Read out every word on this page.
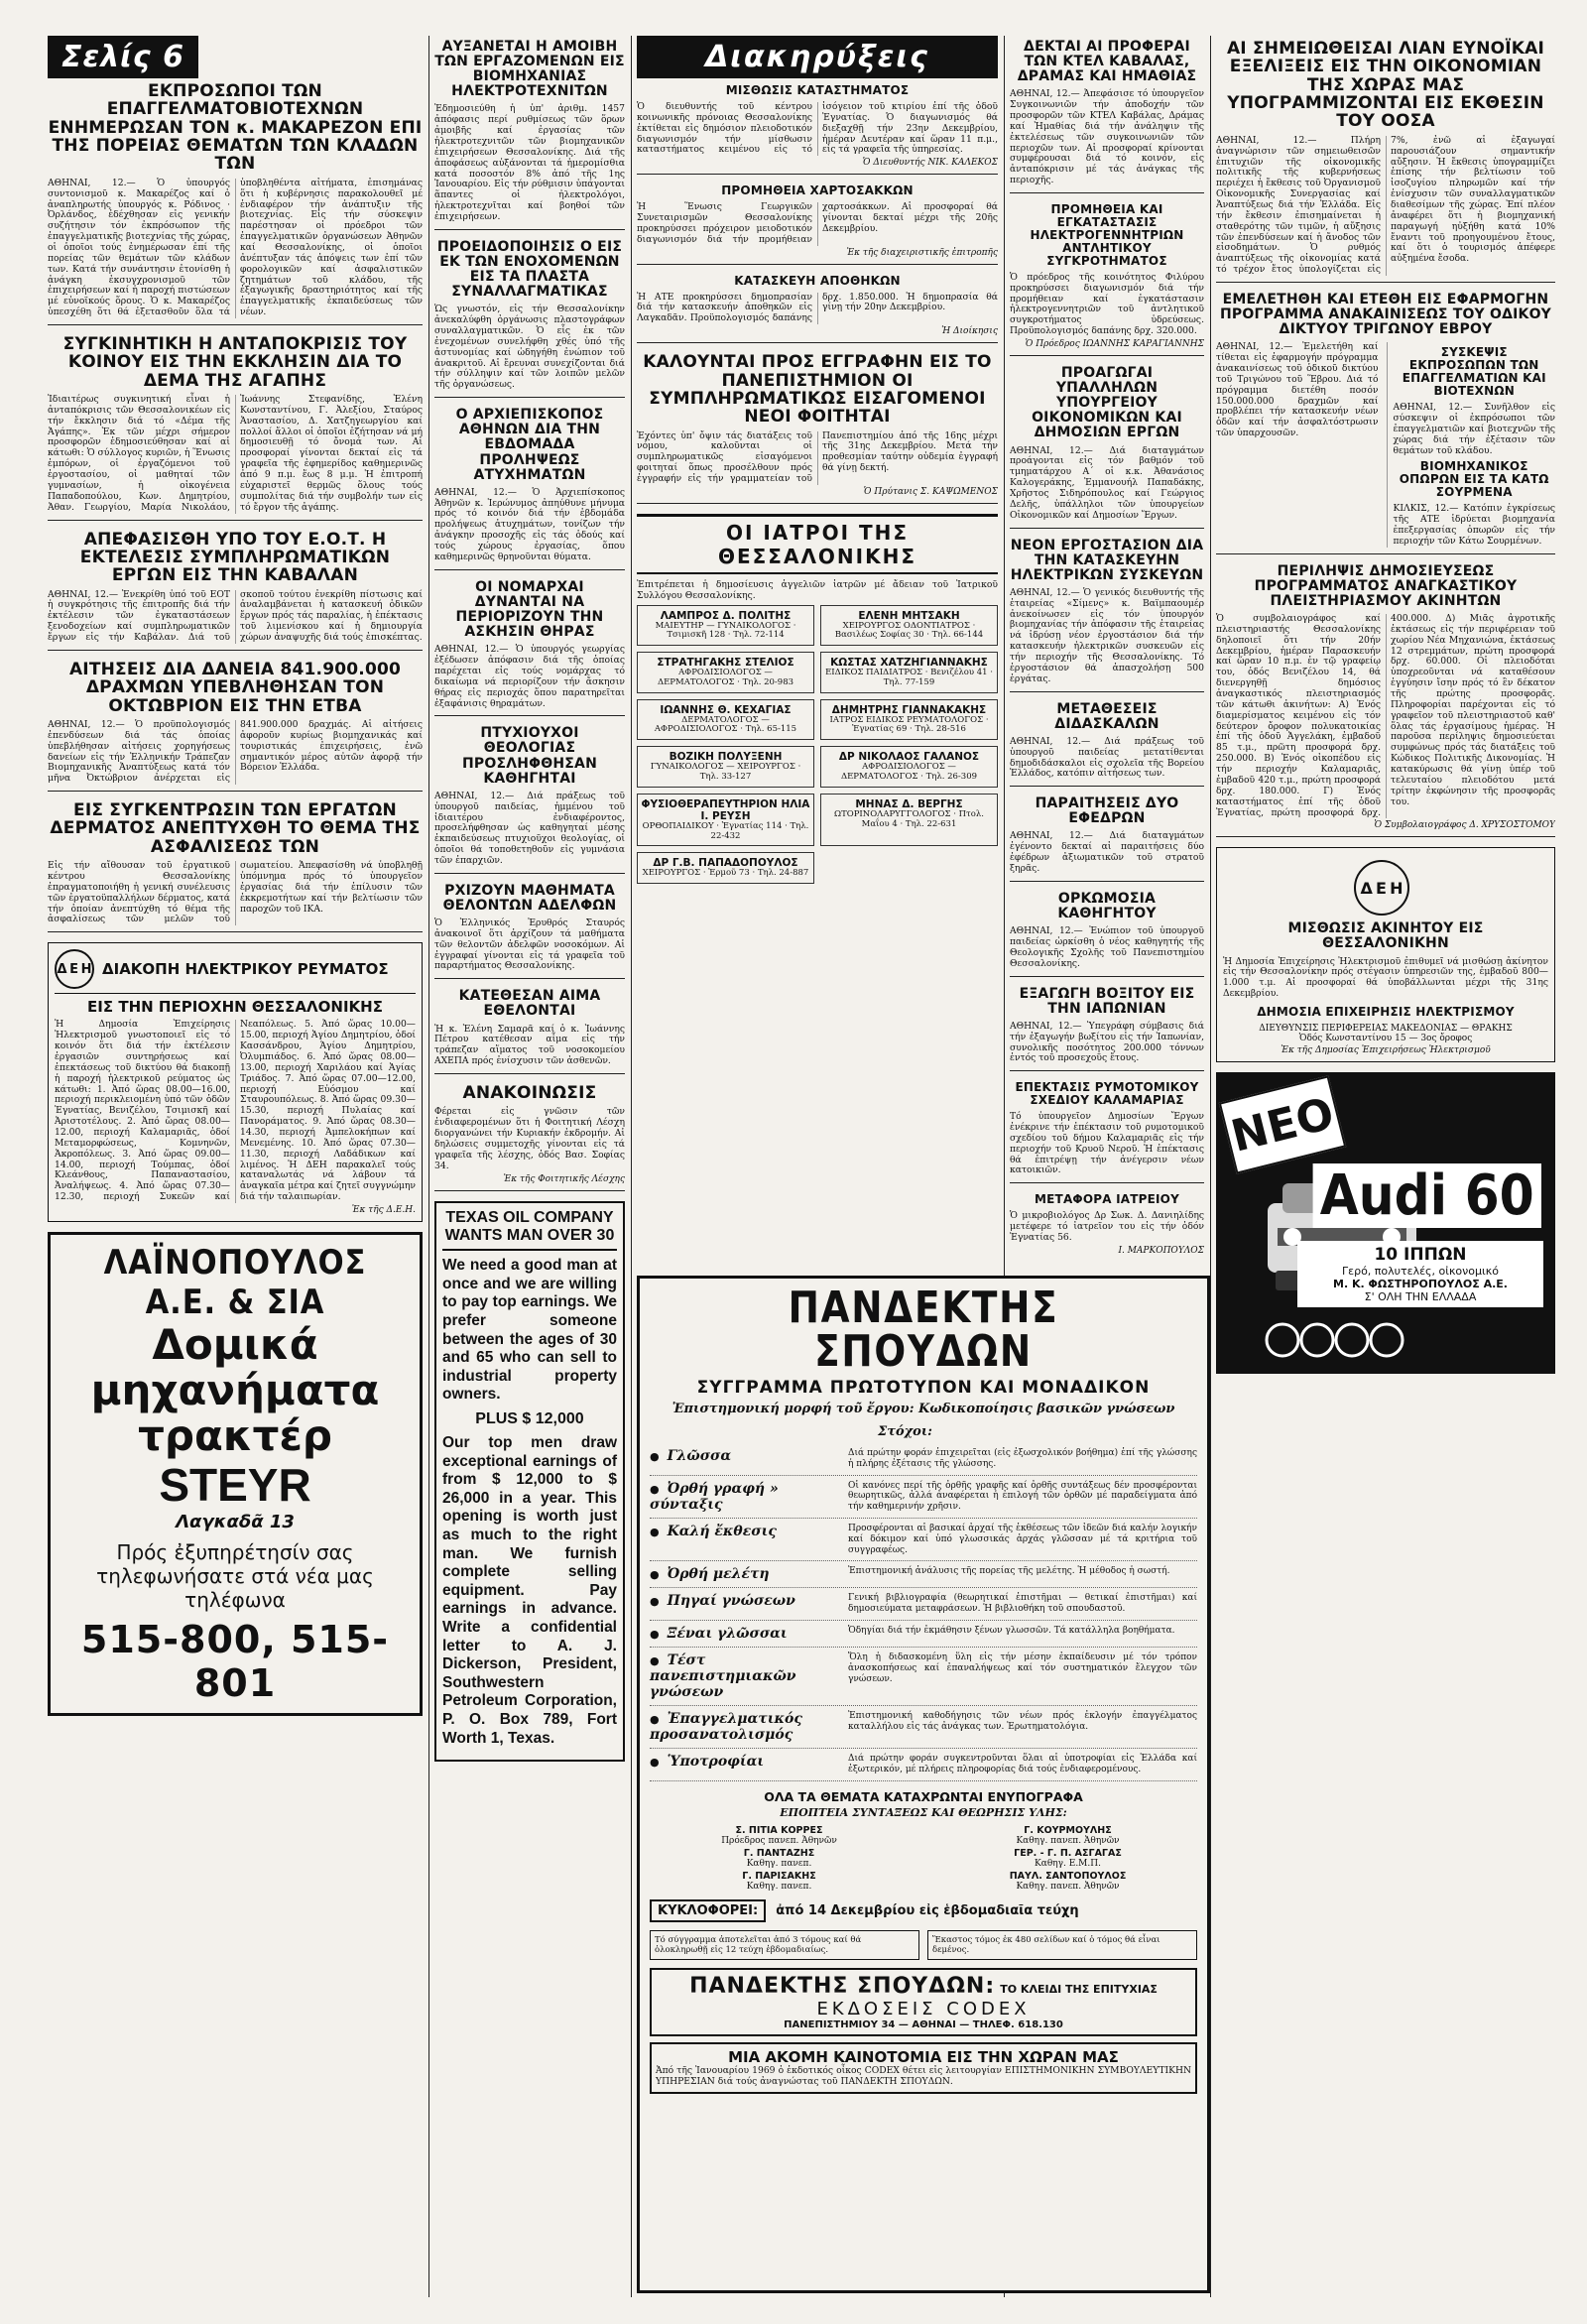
Σελίς 6
ΕΚΠΡΟΣΩΠΟΙ ΤΩΝ ΕΠΑΓΓΕΛΜΑΤΟΒΙΟΤΕΧΝΩΝ ΕΝΗΜΕΡΩΣΑΝ ΤΟΝ κ. ΜΑΚΑΡΕΖΟΝ ΕΠΙ ΤΗΣ ΠΟΡΕΙΑΣ ΘΕΜΑΤΩΝ ΤΩΝ ΚΛΑΔΩΝ ΤΩΝ

ΑΘΗΝΑΙ, 12.— Ὁ ὑπουργός συντονισμοῦ κ. Μακαρέζος καί ὁ ἀναπληρωτής ὑπουργός κ. Ρόδινος · Ὀρλάνδος, ἐδέχθησαν εἰς γενικήν συζήτησιν τόν ἐκπρόσωπον τῆς ἐπαγγελματικῆς βιοτεχνίας τῆς χώρας, οἱ ὁποῖοι τούς ἐνημέρωσαν ἐπί τῆς πορείας τῶν θεμάτων τῶν κλάδων των. Κατά τήν συνάντησιν ἐτονίσθη ἡ ἀνάγκη ἐκσυγχρονισμοῦ τῶν ἐπιχειρήσεων καί ἡ παροχή πιστώσεων μέ εὐνοϊκούς ὅρους. Ὁ κ. Μακαρέζος ὑπεσχέθη ὅτι θά ἐξετασθοῦν ὅλα τά ὑποβληθέντα αἰτήματα, ἐπισημάνας ὅτι ἡ κυβέρνησις παρακολουθεῖ μέ ἐνδιαφέρον τήν ἀνάπτυξιν τῆς βιοτεχνίας. Εἰς τήν σύσκεψιν παρέστησαν οἱ πρόεδροι τῶν ἐπαγγελματικῶν ὀργανώσεων Ἀθηνῶν καί Θεσσαλονίκης, οἱ ὁποῖοι ἀνέπτυξαν τάς ἀπόψεις των ἐπί τῶν φορολογικῶν καί ἀσφαλιστικῶν ζητημάτων τοῦ κλάδου, τῆς ἐξαγωγικῆς δραστηριότητος καί τῆς ἐπαγγελματικῆς ἐκπαιδεύσεως τῶν νέων.

ΣΥΓΚΙΝΗΤΙΚΗ Η ΑΝΤΑΠΟΚΡΙΣΙΣ ΤΟΥ ΚΟΙΝΟΥ ΕΙΣ ΤΗΝ ΕΚΚΛΗΣΙΝ ΔΙΑ ΤΟ ΔΕΜΑ ΤΗΣ ΑΓΑΠΗΣ

Ἰδιαιτέρως συγκινητική εἶναι ἡ ἀνταπόκρισις τῶν Θεσσαλονικέων εἰς τήν ἔκκλησιν διά τό «Δέμα τῆς Ἀγάπης». Ἐκ τῶν μέχρι σήμερον προσφορῶν ἐδημοσιεύθησαν καί αἱ κάτωθι: Ὁ σύλλογος κυριῶν, ἡ Ἕνωσις ἐμπόρων, οἱ ἐργαζόμενοι τοῦ ἐργοστασίου, οἱ μαθηταί τῶν γυμνασίων, ἡ οἰκογένεια Παπαδοπούλου, Κων. Δημητρίου, Ἀθαν. Γεωργίου, Μαρία Νικολάου, Ἰωάννης Στεφανίδης, Ἑλένη Κωνσταντίνου, Γ. Ἀλεξίου, Σταύρος Ἀναστασίου, Δ. Χατζηγεωργίου καί πολλοί ἄλλοι οἱ ὁποῖοι ἐζήτησαν νά μή δημοσιευθῇ τό ὄνομά των. Αἱ προσφοραί γίνονται δεκταί εἰς τά γραφεῖα τῆς ἐφημερίδος καθημερινῶς ἀπό 9 π.μ. ἕως 8 μ.μ. Ἡ ἐπιτροπή εὐχαριστεῖ θερμῶς ὅλους τούς συμπολίτας διά τήν συμβολήν των εἰς τό ἔργον τῆς ἀγάπης.

ΑΠΕΦΑΣΙΣΘΗ ΥΠΟ ΤΟΥ Ε.Ο.Τ. Η ΕΚΤΕΛΕΣΙΣ ΣΥΜΠΛΗΡΩΜΑΤΙΚΩΝ ΕΡΓΩΝ ΕΙΣ ΤΗΝ ΚΑΒΑΛΑΝ

ΑΘΗΝΑΙ, 12.— Ἐνεκρίθη ὑπό τοῦ ΕΟΤ ἡ συγκρότησις τῆς ἐπιτροπῆς διά τήν ἐκτέλεσιν τῶν ἐγκαταστάσεων ξενοδοχείων καί συμπληρωματικῶν ἔργων εἰς τήν Καβάλαν. Διά τοῦ σκοποῦ τούτου ἐνεκρίθη πίστωσις καί ἀναλαμβάνεται ἡ κατασκευή ὁδικῶν ἔργων πρός τάς παραλίας, ἡ ἐπέκτασις τοῦ λιμενίσκου καί ἡ δημιουργία χώρων ἀναψυχῆς διά τούς ἐπισκέπτας.

ΑΙΤΗΣΕΙΣ ΔΙΑ ΔΑΝΕΙΑ 841.900.000 ΔΡΑΧΜΩΝ ΥΠΕΒΛΗΘΗΣΑΝ ΤΟΝ ΟΚΤΩΒΡΙΟΝ ΕΙΣ ΤΗΝ ΕΤΒΑ

ΑΘΗΝΑΙ, 12.— Ὁ προϋπολογισμός ἐπενδύσεων διά τάς ὁποίας ὑπεβλήθησαν αἰτήσεις χορηγήσεως δανείων εἰς τήν Ἑλληνικήν Τράπεζαν Βιομηχανικῆς Ἀναπτύξεως κατά τόν μῆνα Ὀκτώβριον ἀνέρχεται εἰς 841.900.000 δραχμάς. Αἱ αἰτήσεις ἀφοροῦν κυρίως βιομηχανικάς καί τουριστικάς ἐπιχειρήσεις, ἐνῶ σημαντικόν μέρος αὐτῶν ἀφορᾷ τήν Βόρειον Ἑλλάδα.

ΕΙΣ ΣΥΓΚΕΝΤΡΩΣΙΝ ΤΩΝ ΕΡΓΑΤΩΝ ΔΕΡΜΑΤΟΣ ΑΝΕΠΤΥΧΘΗ ΤΟ ΘΕΜΑ ΤΗΣ ΑΣΦΑΛΙΣΕΩΣ ΤΩΝ

Εἰς τήν αἴθουσαν τοῦ ἐργατικοῦ κέντρου Θεσσαλονίκης ἐπραγματοποιήθη ἡ γενική συνέλευσις τῶν ἐργατοϋπαλλήλων δέρματος, κατά τήν ὁποίαν ἀνεπτύχθη τό θέμα τῆς ἀσφαλίσεως τῶν μελῶν τοῦ σωματείου. Ἀπεφασίσθη νά ὑποβληθῇ ὑπόμνημα πρός τό ὑπουργεῖον ἐργασίας διά τήν ἐπίλυσιν τῶν ἐκκρεμοτήτων καί τήν βελτίωσιν τῶν παροχῶν τοῦ ΙΚΑ.

Δ Ε Η ΔΙΑΚΟΠΗ ΗΛΕΚΤΡΙΚΟΥ ΡΕΥΜΑΤΟΣ
ΕΙΣ ΤΗΝ ΠΕΡΙΟΧΗΝ ΘΕΣΣΑΛΟΝΙΚΗΣ

Ἡ Δημοσία Ἐπιχείρησις Ἠλεκτρισμοῦ γνωστοποιεῖ εἰς τό κοινόν ὅτι διά τήν ἐκτέλεσιν ἐργασιῶν συντηρήσεως καί ἐπεκτάσεως τοῦ δικτύου θά διακοπῇ ἡ παροχή ἠλεκτρικοῦ ρεύματος ὡς κάτωθι: 1. Ἀπό ὥρας 08.00—16.00, περιοχή περικλειομένη ὑπό τῶν ὁδῶν Ἐγνατίας, Βενιζέλου, Τσιμισκῆ καί Ἀριστοτέλους. 2. Ἀπό ὥρας 08.00—12.00, περιοχή Καλαμαριᾶς, ὁδοί Μεταμορφώσεως, Κομνηνῶν, Ἀκροπόλεως. 3. Ἀπό ὥρας 09.00—14.00, περιοχή Τούμπας, ὁδοί Κλεάνθους, Παπαναστασίου, Ἀναλήψεως. 4. Ἀπό ὥρας 07.30—12.30, περιοχή Συκεῶν καί Νεαπόλεως. 5. Ἀπό ὥρας 10.00—15.00, περιοχή Ἁγίου Δημητρίου, ὁδοί Κασσάνδρου, Ἁγίου Δημητρίου, Ὀλυμπιάδος. 6. Ἀπό ὥρας 08.00—13.00, περιοχή Χαριλάου καί Ἁγίας Τριάδος. 7. Ἀπό ὥρας 07.00—12.00, περιοχή Εὐόσμου καί Σταυρουπόλεως. 8. Ἀπό ὥρας 09.30—15.30, περιοχή Πυλαίας καί Πανοράματος. 9. Ἀπό ὥρας 08.30—14.30, περιοχή Ἀμπελοκήπων καί Μενεμένης. 10. Ἀπό ὥρας 07.30—11.30, περιοχή Λαδάδικων καί λιμένος. Ἡ ΔΕΗ παρακαλεῖ τούς καταναλωτάς νά λάβουν τά ἀναγκαῖα μέτρα καί ζητεῖ συγγνώμην διά τήν ταλαιπωρίαν.

Ἐκ τῆς Δ.Ε.Η.
ΛΑΪΝΟΠΟΥΛΟΣ Α.Ε. & ΣΙΑ
Δομικά μηχανήματα
τρακτέρ STEYR
Λαγκαδᾶ 13
Πρός ἐξυπηρέτησίν σας τηλεφωνήσατε στά νέα μας τηλέφωνα
515-800, 515-801
ΑΥΞΑΝΕΤΑΙ Η ΑΜΟΙΒΗ ΤΩΝ ΕΡΓΑΖΟΜΕΝΩΝ ΕΙΣ ΒΙΟΜΗΧΑΝΙΑΣ ΗΛΕΚΤΡΟΤΕΧΝΙΤΩΝ

Ἐδημοσιεύθη ἡ ὑπ' ἀριθμ. 1457 ἀπόφασις περί ρυθμίσεως τῶν ὅρων ἀμοιβῆς καί ἐργασίας τῶν ἠλεκτροτεχνιτῶν τῶν βιομηχανικῶν ἐπιχειρήσεων Θεσσαλονίκης. Διά τῆς ἀποφάσεως αὐξάνονται τά ἡμερομίσθια κατά ποσοστόν 8% ἀπό τῆς 1ης Ἰανουαρίου. Εἰς τήν ρύθμισιν ὑπάγονται ἅπαντες οἱ ἠλεκτρολόγοι, ἠλεκτροτεχνῖται καί βοηθοί τῶν ἐπιχειρήσεων.

ΠΡΟΕΙΔΟΠΟΙΗΣΙΣ Ο ΕΙΣ ΕΚ ΤΩΝ ΕΝΟΧΟΜΕΝΩΝ ΕΙΣ ΤΑ ΠΛΑΣΤΑ ΣΥΝΑΛΛΑΓΜΑΤΙΚΑΣ

Ὡς γνωστόν, εἰς τήν Θεσσαλονίκην ἀνεκαλύφθη ὀργάνωσις πλαστογράφων συναλλαγματικῶν. Ὁ εἷς ἐκ τῶν ἐνεχομένων συνελήφθη χθές ὑπό τῆς ἀστυνομίας καί ὡδηγήθη ἐνώπιον τοῦ ἀνακριτοῦ. Αἱ ἔρευναι συνεχίζονται διά τήν σύλληψιν καί τῶν λοιπῶν μελῶν τῆς ὀργανώσεως.

Ο ΑΡΧΙΕΠΙΣΚΟΠΟΣ ΑΘΗΝΩΝ ΔΙΑ ΤΗΝ ΕΒΔΟΜΑΔΑ ΠΡΟΛΗΨΕΩΣ ΑΤΥΧΗΜΑΤΩΝ

ΑΘΗΝΑΙ, 12.— Ὁ Ἀρχιεπίσκοπος Ἀθηνῶν κ. Ἱερώνυμος ἀπηύθυνε μήνυμα πρός τό κοινόν διά τήν ἑβδομάδα προλήψεως ἀτυχημάτων, τονίζων τήν ἀνάγκην προσοχῆς εἰς τάς ὁδούς καί τούς χώρους ἐργασίας, ὅπου καθημερινῶς θρηνοῦνται θύματα.

ΟΙ ΝΟΜΑΡΧΑΙ ΔΥΝΑΝΤΑΙ ΝΑ ΠΕΡΙΟΡΙΖΟΥΝ ΤΗΝ ΑΣΚΗΣΙΝ ΘΗΡΑΣ

ΑΘΗΝΑΙ, 12.— Ὁ ὑπουργός γεωργίας ἐξέδωσεν ἀπόφασιν διά τῆς ὁποίας παρέχεται εἰς τούς νομάρχας τό δικαίωμα νά περιορίζουν τήν ἄσκησιν θήρας εἰς περιοχάς ὅπου παρατηρεῖται ἐξαφάνισις θηραμάτων.

ΠΤΥΧΙΟΥΧΟΙ ΘΕΟΛΟΓΙΑΣ ΠΡΟΣΛΗΦΘΗΣΑΝ ΚΑΘΗΓΗΤΑΙ

ΑΘΗΝΑΙ, 12.— Διά πράξεως τοῦ ὑπουργοῦ παιδείας, ἠμμένου τοῦ ἰδιαιτέρου ἐνδιαφέροντος, προσελήφθησαν ὡς καθηγηταί μέσης ἐκπαιδεύσεως πτυχιοῦχοι θεολογίας, οἱ ὁποῖοι θά τοποθετηθοῦν εἰς γυμνάσια τῶν ἐπαρχιῶν.

ΡΧΙΖΟΥΝ ΜΑΘΗΜΑΤΑ ΘΕΛΟΝΤΩΝ ΑΔΕΛΦΩΝ

Ὁ Ἑλληνικός Ἐρυθρός Σταυρός ἀνακοινοῖ ὅτι ἀρχίζουν τά μαθήματα τῶν θελοντῶν ἀδελφῶν νοσοκόμων. Αἱ ἐγγραφαί γίνονται εἰς τά γραφεῖα τοῦ παραρτήματος Θεσσαλονίκης.

ΚΑΤΕΘΕΣΑΝ ΑΙΜΑ ΕΘΕΛΟΝΤΑΙ

Ἡ κ. Ἑλένη Σαμαρᾶ καί ὁ κ. Ἰωάννης Πέτρου κατέθεσαν αἷμα εἰς τήν τράπεζαν αἵματος τοῦ νοσοκομείου ΑΧΕΠΑ πρός ἐνίσχυσιν τῶν ἀσθενῶν.

ΑΝΑΚΟΙΝΩΣΙΣ

Φέρεται εἰς γνῶσιν τῶν ἐνδιαφερομένων ὅτι ἡ Φοιτητική Λέσχη διοργανώνει τήν Κυριακήν ἐκδρομήν. Αἱ δηλώσεις συμμετοχῆς γίνονται εἰς τά γραφεῖα τῆς λέσχης, ὁδός Βασ. Σοφίας 34.

Ἐκ τῆς Φοιτητικῆς Λέσχης
TEXAS OIL COMPANY WANTS MAN OVER 30
We need a good man at once and we are willing to pay top earnings. We prefer someone between the ages of 30 and 65 who can sell to industrial property owners.
PLUS $ 12,000
Our top men draw exceptional earnings of from $ 12,000 to $ 26,000 in a year. This opening is worth just as much to the right man. We furnish complete selling equipment. Pay earnings in advance. Write a confidential letter to A. J. Dickerson, President, Southwestern Petroleum Corporation, P. O. Box 789, Fort Worth 1, Texas.
Διακηρύξεις
ΜΙΣΘΩΣΙΣ ΚΑΤΑΣΤΗΜΑΤΟΣ

Ὁ διευθυντής τοῦ κέντρου κοινωνικῆς πρόνοιας Θεσσαλονίκης ἐκτίθεται εἰς δημόσιον πλειοδοτικόν διαγωνισμόν τήν μίσθωσιν καταστήματος κειμένου εἰς τό ἰσόγειον τοῦ κτιρίου ἐπί τῆς ὁδοῦ Ἐγνατίας. Ὁ διαγωνισμός θά διεξαχθῇ τήν 23ην Δεκεμβρίου, ἡμέραν Δευτέραν καί ὥραν 11 π.μ., εἰς τά γραφεῖα τῆς ὑπηρεσίας.

Ὁ Διευθυντής ΝΙΚ. ΚΑΛΕΚΟΣ
ΠΡΟΜΗΘΕΙΑ ΧΑΡΤΟΣΑΚΚΩΝ

Ἡ Ἕνωσις Γεωργικῶν Συνεταιρισμῶν Θεσσαλονίκης προκηρύσσει πρόχειρον μειοδοτικόν διαγωνισμόν διά τήν προμήθειαν χαρτοσάκκων. Αἱ προσφοραί θά γίνονται δεκταί μέχρι τῆς 20ῆς Δεκεμβρίου.

Ἐκ τῆς διαχειριστικῆς ἐπιτροπῆς
ΚΑΤΑΣΚΕΥΗ ΑΠΟΘΗΚΩΝ

Ἡ ΑΤΕ προκηρύσσει δημοπρασίαν διά τήν κατασκευήν ἀποθηκῶν εἰς Λαγκαδᾶν. Προϋπολογισμός δαπάνης δρχ. 1.850.000. Ἡ δημοπρασία θά γίνῃ τήν 20ην Δεκεμβρίου.

Ἡ Διοίκησις
ΚΑΛΟΥΝΤΑΙ ΠΡΟΣ ΕΓΓΡΑΦΗΝ ΕΙΣ ΤΟ ΠΑΝΕΠΙΣΤΗΜΙΟΝ ΟΙ ΣΥΜΠΛΗΡΩΜΑΤΙΚΩΣ ΕΙΣΑΓΟΜΕΝΟΙ ΝΕΟΙ ΦΟΙΤΗΤΑΙ

Ἐχόντες ὑπ' ὄψιν τάς διατάξεις τοῦ νόμου, καλοῦνται οἱ συμπληρωματικῶς εἰσαγόμενοι φοιτηταί ὅπως προσέλθουν πρός ἐγγραφήν εἰς τήν γραμματείαν τοῦ Πανεπιστημίου ἀπό τῆς 16ης μέχρι τῆς 31ης Δεκεμβρίου. Μετά τήν προθεσμίαν ταύτην οὐδεμία ἐγγραφή θά γίνῃ δεκτή.

Ὁ Πρύτανις Σ. ΚΑΨΩΜΕΝΟΣ
ΟΙ ΙΑΤΡΟΙ ΤΗΣ ΘΕΣΣΑΛΟΝΙΚΗΣ

Ἐπιτρέπεται ἡ δημοσίευσις ἀγγελιῶν ἰατρῶν μέ ἄδειαν τοῦ Ἰατρικοῦ Συλλόγου Θεσσαλονίκης.

ΛΑΜΠΡΟΣ Δ. ΠΟΛΙΤΗΣ
ΜΑΙΕΥΤΗΡ — ΓΥΝΑΙΚΟΛΟΓΟΣ · Τσιμισκῆ 128 · Τηλ. 72-114
ΕΛΕΝΗ ΜΗΤΣΑΚΗ
ΧΕΙΡΟΥΡΓΟΣ ΟΔΟΝΤΙΑΤΡΟΣ · Βασιλέως Σοφίας 30 · Τηλ. 66-144
ΣΤΡΑΤΗΓΑΚΗΣ ΣΤΕΛΙΟΣ
ΑΦΡΟΔΙΣΙΟΛΟΓΟΣ — ΔΕΡΜΑΤΟΛΟΓΟΣ · Τηλ. 20-983
ΚΩΣΤΑΣ ΧΑΤΖΗΓΙΑΝΝΑΚΗΣ
ΕΙΔΙΚΟΣ ΠΑΙΔΙΑΤΡΟΣ · Βενιζέλου 41 · Τηλ. 77-159
ΙΩΑΝΝΗΣ Θ. ΚΕΧΑΓΙΑΣ
ΔΕΡΜΑΤΟΛΟΓΟΣ — ΑΦΡΟΔΙΣΙΟΛΟΓΟΣ · Τηλ. 65-115
ΔΗΜΗΤΡΗΣ ΓΙΑΝΝΑΚΑΚΗΣ
ΙΑΤΡΟΣ ΕΙΔΙΚΟΣ ΡΕΥΜΑΤΟΛΟΓΟΣ · Ἐγνατίας 69 · Τηλ. 28-516
ΒΟΖΙΚΗ ΠΟΛΥΞΕΝΗ
ΓΥΝΑΙΚΟΛΟΓΟΣ — ΧΕΙΡΟΥΡΓΟΣ · Τηλ. 33-127
ΔΡ ΝΙΚΟΛΑΟΣ ΓΑΛΑΝΟΣ
ΑΦΡΟΔΙΣΙΟΛΟΓΟΣ — ΔΕΡΜΑΤΟΛΟΓΟΣ · Τηλ. 26-309
ΦΥΣΙΟΘΕΡΑΠΕΥΤΗΡΙΟΝ ΗΛΙΑ Ι. ΡΕΥΣΗ
ΟΡΘΟΠΑΙΔΙΚΟΥ · Ἐγνατίας 114 · Τηλ. 22-432
ΜΗΝΑΣ Δ. ΒΕΡΓΗΣ
ΩΤΟΡΙΝΟΛΑΡΥΓΓΟΛΟΓΟΣ · Πτολ. Μαΐου 4 · Τηλ. 22-631
ΔΡ Γ.Β. ΠΑΠΑΔΟΠΟΥΛΟΣ
ΧΕΙΡΟΥΡΓΟΣ · Ἑρμοῦ 73 · Τηλ. 24-887
ΔΕΚΤΑΙ ΑΙ ΠΡΟΦΕΡΑΙ ΤΩΝ ΚΤΕΛ ΚΑΒΑΛΑΣ, ΔΡΑΜΑΣ ΚΑΙ ΗΜΑΘΙΑΣ

ΑΘΗΝΑΙ, 12.— Ἀπεφάσισε τό ὑπουργεῖον Συγκοινωνιῶν τήν ἀποδοχήν τῶν προσφορῶν τῶν ΚΤΕΛ Καβάλας, Δράμας καί Ἠμαθίας διά τήν ἀνάληψιν τῆς ἐκτελέσεως τῶν συγκοινωνιῶν τῶν περιοχῶν των. Αἱ προσφοραί κρίνονται συμφέρουσαι διά τό κοινόν, εἰς ἀνταπόκρισιν μέ τάς ἀνάγκας τῆς περιοχῆς.

ΠΡΟΜΗΘΕΙΑ ΚΑΙ ΕΓΚΑΤΑΣΤΑΣΙΣ ΗΛΕΚΤΡΟΓΕΝΝΗΤΡΙΩΝ ΑΝΤΛΗΤΙΚΟΥ ΣΥΓΚΡΟΤΗΜΑΤΟΣ

Ὁ πρόεδρος τῆς κοινότητος Φιλύρου προκηρύσσει διαγωνισμόν διά τήν προμήθειαν καί ἐγκατάστασιν ἠλεκτρογεννητριῶν τοῦ ἀντλητικοῦ συγκροτήματος ὑδρεύσεως. Προϋπολογισμός δαπάνης δρχ. 320.000.

Ὁ Πρόεδρος ΙΩΑΝΝΗΣ ΚΑΡΑΓΙΑΝΝΗΣ
ΠΡΟΑΓΩΓΑΙ ΥΠΑΛΛΗΛΩΝ ΥΠΟΥΡΓΕΙΟΥ ΟΙΚΟΝΟΜΙΚΩΝ ΚΑΙ ΔΗΜΟΣΙΩΝ ΕΡΓΩΝ

ΑΘΗΝΑΙ, 12.— Διά διαταγμάτων προάγονται εἰς τόν βαθμόν τοῦ τμηματάρχου Α΄ οἱ κ.κ. Ἀθανάσιος Καλογεράκης, Ἐμμανουήλ Παπαδάκης, Χρῆστος Σιδηρόπουλος καί Γεώργιος Δελῆς, ὑπάλληλοι τῶν ὑπουργείων Οἰκονομικῶν καί Δημοσίων Ἔργων.

ΝΕΟΝ ΕΡΓΟΣΤΑΣΙΟΝ ΔΙΑ ΤΗΝ ΚΑΤΑΣΚΕΥΗΝ ΗΛΕΚΤΡΙΚΩΝ ΣΥΣΚΕΥΩΝ

ΑΘΗΝΑΙ, 12.— Ὁ γενικός διευθυντής τῆς ἐταιρείας «Σίμενς» κ. Βαϊμπαουμέρ ἀνεκοίνωσεν εἰς τόν ὑπουργόν βιομηχανίας τήν ἀπόφασιν τῆς ἐταιρείας νά ἱδρύσῃ νέον ἐργοστάσιον διά τήν κατασκευήν ἠλεκτρικῶν συσκευῶν εἰς τήν περιοχήν τῆς Θεσσαλονίκης. Τό ἐργοστάσιον θά ἀπασχολήσῃ 500 ἐργάτας.

ΜΕΤΑΘΕΣΕΙΣ ΔΙΔΑΣΚΑΛΩΝ

ΑΘΗΝΑΙ, 12.— Διά πράξεως τοῦ ὑπουργοῦ παιδείας μετατίθενται δημοδιδάσκαλοι εἰς σχολεῖα τῆς Βορείου Ἑλλάδος, κατόπιν αἰτήσεως των.

ΠΑΡΑΙΤΗΣΕΙΣ ΔΥΟ ΕΦΕΔΡΩΝ

ΑΘΗΝΑΙ, 12.— Διά διαταγμάτων ἐγένοντο δεκταί αἱ παραιτήσεις δύο ἐφέδρων ἀξιωματικῶν τοῦ στρατοῦ ξηρᾶς.

ΟΡΚΩΜΟΣΙΑ ΚΑΘΗΓΗΤΟΥ

ΑΘΗΝΑΙ, 12.— Ἐνώπιον τοῦ ὑπουργοῦ παιδείας ὡρκίσθη ὁ νέος καθηγητής τῆς Θεολογικῆς Σχολῆς τοῦ Πανεπιστημίου Θεσσαλονίκης.

ΕΞΑΓΩΓΗ ΒΟΞΙΤΟΥ ΕΙΣ ΤΗΝ ΙΑΠΩΝΙΑΝ

ΑΘΗΝΑΙ, 12.— Ὑπεγράφη σύμβασις διά τήν ἐξαγωγήν βωξίτου εἰς τήν Ἰαπωνίαν, συνολικῆς ποσότητος 200.000 τόννων ἐντός τοῦ προσεχοῦς ἔτους.

ΕΠΕΚΤΑΣΙΣ ΡΥΜΟΤΟΜΙΚΟΥ ΣΧΕΔΙΟΥ ΚΑΛΑΜΑΡΙΑΣ

Τό ὑπουργεῖον Δημοσίων Ἔργων ἐνέκρινε τήν ἐπέκτασιν τοῦ ρυμοτομικοῦ σχεδίου τοῦ δήμου Καλαμαριᾶς εἰς τήν περιοχήν τοῦ Κρυοῦ Νεροῦ. Ἡ ἐπέκτασις θά ἐπιτρέψῃ τήν ἀνέγερσιν νέων κατοικιῶν.

ΜΕΤΑΦΟΡΑ ΙΑΤΡΕΙΟΥ

Ὁ μικροβιολόγος Δρ Σωκ. Δ. Δανιηλίδης μετέφερε τό ἰατρεῖον του εἰς τήν ὁδόν Ἐγνατίας 56.

Ι. ΜΑΡΚΟΠΟΥΛΟΣ
ΠΑΝΔΕΚΤΗΣ ΣΠΟΥΔΩΝ
ΣΥΓΓΡΑΜΜΑ ΠΡΩΤΟΤΥΠΟΝ ΚΑΙ ΜΟΝΑΔΙΚΟΝ
Ἐπιστημονική μορφή τοῦ ἔργου: Κωδικοποίησις βασικῶν γνώσεων
Στόχοι:
● Γλῶσσα	Διά πρώτην φοράν ἐπιχειρεῖται (εἰς ἐξωσχολικόν βοήθημα) ἐπί τῆς γλώσσης ἡ πλήρης ἐξέτασις τῆς γλώσσης.
● Ὀρθή γραφή » σύνταξις
Οἱ κανόνες περί τῆς ὀρθῆς γραφῆς καί ὀρθῆς συντάξεως δέν προσφέρονται θεωρητικῶς, ἀλλά ἀναφέρεται ἡ ἐπιλογή τῶν ὁρθῶν μέ παραδείγματα ἀπό τήν καθημερινήν χρῆσιν.
● Καλή ἔκθεσις	Προσφέρονται αἱ βασικαί ἀρχαί τῆς ἐκθέσεως τῶν ἰδεῶν διά καλήν λογικήν καί δόκιμον καί ὑπό γλωσσικάς ἀρχάς γλῶσσαν μέ τά κριτήρια τοῦ συγγραφέως.
● Ὀρθή μελέτη	Ἐπιστημονική ἀνάλυσις τῆς πορείας τῆς μελέτης. Ἡ μέθοδος ἡ σωστή.
● Πηγαί γνώσεων	Γενική βιβλιογραφία (θεωρητικαί ἐπιστῆμαι — θετικαί ἐπιστῆμαι) καί δημοσιεύματα μεταφράσεων. Ἡ βιβλιοθήκη τοῦ σπουδαστοῦ.
● Ξέναι γλῶσσαι	Ὁδηγίαι διά τήν ἐκμάθησιν ξένων γλωσσῶν. Τά κατάλληλα βοηθήματα.
● Τέστ πανεπιστημιακῶν γνώσεων
Ὅλη ἡ διδασκομένη ὕλη εἰς τήν μέσην ἐκπαίδευσιν μέ τόν τρόπον ἀνασκοπήσεως καί ἐπαναλήψεως καί τόν συστηματικόν ἔλεγχον τῶν γνώσεων.
● Ἐπαγγελματικός προσανατολισμός
Ἐπιστημονική καθοδήγησις τῶν νέων πρός ἐκλογήν ἐπαγγέλματος καταλλήλου εἰς τάς ἀνάγκας των. Ἐρωτηματολόγια.
● Ὑποτροφίαι	Διά πρώτην φοράν συγκεντροῦνται ὅλαι αἱ ὑποτροφίαι εἰς Ἑλλάδα καί ἐξωτερικόν, μέ πλήρεις πληροφορίας διά τούς ἐνδιαφερομένους.
ΟΛΑ ΤΑ ΘΕΜΑΤΑ ΚΑΤΑΧΡΩΝΤΑΙ ΕΝΥΠΟΓΡΑΦΑ
ΕΠΟΠΤΕΙΑ ΣΥΝΤΑΞΕΩΣ ΚΑΙ ΘΕΩΡΗΣΙΣ ΥΛΗΣ:
Σ. ΠΙΤΙΑ ΚΟΡΡΕΣ
Πρόεδρος πανεπ. Ἀθηνῶν
Γ. ΚΟΥΡΜΟΥΛΗΣ
Καθηγ. πανεπ. Ἀθηνῶν
Γ. ΠΑΝΤΑΖΗΣ
Καθηγ. πανεπ.
ΓΕΡ. - Γ. Π. ΑΣΓΑΓΑΣ
Καθηγ. Ε.Μ.Π.
Γ. ΠΑΡΙΣΑΚΗΣ
Καθηγ. πανεπ.
ΠΑΥΛ. ΣΑΝΤΟΠΟΥΛΟΣ
Καθηγ. πανεπ. Ἀθηνῶν
ΚΥΚΛΟΦΟΡΕΙ:	ἀπό 14 Δεκεμβρίου εἰς ἑβδομαδιαῖα τεύχη
Τό σύγγραμμα ἀποτελεῖται ἀπό 3 τόμους καί θά ὁλοκληρωθῇ εἰς 12 τεύχη ἑβδομαδιαίως.
Ἕκαστος τόμος ἐκ 480 σελίδων καί ὁ τόμος θά εἶναι δεμένος.
ΠΑΝΔΕΚΤΗΣ ΣΠΟΥΔΩΝ: ΤΟ ΚΛΕΙΔΙ ΤΗΣ ΕΠΙΤΥΧΙΑΣ
ΕΚΔΟΣΕΙΣ CODEX
ΠΑΝΕΠΙΣΤΗΜΙΟΥ 34 — ΑΘΗΝΑΙ — ΤΗΛΕΦ. 618.130
ΜΙΑ ΑΚΟΜΗ ΚΑΙΝΟΤΟΜΙΑ ΕΙΣ ΤΗΝ ΧΩΡΑΝ ΜΑΣ

Ἀπό τῆς Ἰανουαρίου 1969 ὁ ἐκδοτικός οἶκος CODEX θέτει εἰς λειτουργίαν ΕΠΙΣΤΗΜΟΝΙΚΗΝ ΣΥΜΒΟΥΛΕΥΤΙΚΗΝ ΥΠΗΡΕΣΙΑΝ διά τούς ἀναγνώστας τοῦ ΠΑΝΔΕΚΤΗ ΣΠΟΥΔΩΝ.

ΑΙ ΣΗΜΕΙΩΘΕΙΣΑΙ ΛΙΑΝ ΕΥΝΟΪΚΑΙ ΕΞΕΛΙΞΕΙΣ ΕΙΣ ΤΗΝ ΟΙΚΟΝΟΜΙΑΝ ΤΗΣ ΧΩΡΑΣ ΜΑΣ ΥΠΟΓΡΑΜΜΙΖΟΝΤΑΙ ΕΙΣ ΕΚΘΕΣΙΝ ΤΟΥ ΟΟΣΑ

ΑΘΗΝΑΙ, 12.— Πλήρη ἀναγνώρισιν τῶν σημειωθεισῶν ἐπιτυχιῶν τῆς οἰκονομικῆς πολιτικῆς τῆς κυβερνήσεως περιέχει ἡ ἔκθεσις τοῦ Ὀργανισμοῦ Οἰκονομικῆς Συνεργασίας καί Ἀναπτύξεως διά τήν Ἑλλάδα. Εἰς τήν ἔκθεσιν ἐπισημαίνεται ἡ σταθερότης τῶν τιμῶν, ἡ αὔξησις τῶν ἐπενδύσεων καί ἡ ἄνοδος τῶν εἰσοδημάτων. Ὁ ρυθμός ἀναπτύξεως τῆς οἰκονομίας κατά τό τρέχον ἔτος ὑπολογίζεται εἰς 7%, ἐνῶ αἱ ἐξαγωγαί παρουσιάζουν σημαντικήν αὔξησιν. Ἡ ἔκθεσις ὑπογραμμίζει ἐπίσης τήν βελτίωσιν τοῦ ἰσοζυγίου πληρωμῶν καί τήν ἐνίσχυσιν τῶν συναλλαγματικῶν διαθεσίμων τῆς χώρας. Ἐπί πλέον ἀναφέρει ὅτι ἡ βιομηχανική παραγωγή ηὐξήθη κατά 10% ἔναντι τοῦ προηγουμένου ἔτους, καί ὅτι ὁ τουρισμός ἀπέφερε αὐξημένα ἔσοδα.

ΕΜΕΛΕΤΗΘΗ ΚΑΙ ΕΤΕΘΗ ΕΙΣ ΕΦΑΡΜΟΓΗΝ ΠΡΟΓΡΑΜΜΑ ΑΝΑΚΑΙΝΙΣΕΩΣ ΤΟΥ ΟΔΙΚΟΥ ΔΙΚΤΥΟΥ ΤΡΙΓΩΝΟΥ ΕΒΡΟΥ

ΑΘΗΝΑΙ, 12.— Ἐμελετήθη καί τίθεται εἰς ἐφαρμογήν πρόγραμμα ἀνακαινίσεως τοῦ ὁδικοῦ δικτύου τοῦ Τριγώνου τοῦ Ἕβρου. Διά τό πρόγραμμα διετέθη ποσόν 150.000.000 δραχμῶν καί προβλέπει τήν κατασκευήν νέων ὁδῶν καί τήν ἀσφαλτόστρωσιν τῶν ὑπαρχουσῶν.

ΣΥΣΚΕΨΙΣ ΕΚΠΡΟΣΩΠΩΝ ΤΩΝ ΕΠΑΓΓΕΛΜΑΤΙΩΝ ΚΑΙ ΒΙΟΤΕΧΝΩΝ

ΑΘΗΝΑΙ, 12.— Συνῆλθον εἰς σύσκεψιν οἱ ἐκπρόσωποι τῶν ἐπαγγελματιῶν καί βιοτεχνῶν τῆς χώρας διά τήν ἐξέτασιν τῶν θεμάτων τοῦ κλάδου.

ΒΙΟΜΗΧΑΝΙΚΟΣ ΟΠΩΡΩΝ ΕΙΣ ΤΑ ΚΑΤΩ ΣΟΥΡΜΕΝΑ

ΚΙΛΚΙΣ, 12.— Κατόπιν ἐγκρίσεως τῆς ΑΤΕ ἱδρύεται βιομηχανία ἐπεξεργασίας ὀπωρῶν εἰς τήν περιοχήν τῶν Κάτω Σουρμένων.

ΠΕΡΙΛΗΨΙΣ ΔΗΜΟΣΙΕΥΣΕΩΣ ΠΡΟΓΡΑΜΜΑΤΟΣ ΑΝΑΓΚΑΣΤΙΚΟΥ ΠΛΕΙΣΤΗΡΙΑΣΜΟΥ ΑΚΙΝΗΤΩΝ

Ὁ συμβολαιογράφος καί πλειστηριαστής Θεσσαλονίκης δηλοποιεῖ ὅτι τήν 20ήν Δεκεμβρίου, ἡμέραν Παρασκευήν καί ὥραν 10 π.μ. ἐν τῷ γραφείῳ του, ὁδός Βενιζέλου 14, θά διενεργηθῇ δημόσιος ἀναγκαστικός πλειστηριασμός τῶν κάτωθι ἀκινήτων: Α) Ἑνός διαμερίσματος κειμένου εἰς τόν δεύτερον ὄροφον πολυκατοικίας ἐπί τῆς ὁδοῦ Ἀγγελάκη, ἐμβαδοῦ 85 τ.μ., πρῶτη προσφορά δρχ. 250.000. Β) Ἑνός οἰκοπέδου εἰς τήν περιοχήν Καλαμαριᾶς, ἐμβαδοῦ 420 τ.μ., πρώτη προσφορά δρχ. 180.000. Γ) Ἑνός καταστήματος ἐπί τῆς ὁδοῦ Ἐγνατίας, πρώτη προσφορά δρχ. 400.000. Δ) Μιᾶς ἀγροτικῆς ἐκτάσεως εἰς τήν περιφέρειαν τοῦ χωρίου Νέα Μηχανιώνα, ἐκτάσεως 12 στρεμμάτων, πρώτη προσφορά δρχ. 60.000. Οἱ πλειοδόται ὑποχρεοῦνται νά καταθέσουν ἐγγύησιν ἴσην πρός τό ἓν δέκατον τῆς πρώτης προσφορᾶς. Πληροφορίαι παρέχονται εἰς τό γραφεῖον τοῦ πλειστηριαστοῦ καθ' ὅλας τάς ἐργασίμους ἡμέρας. Ἡ παροῦσα περίληψις δημοσιεύεται συμφώνως πρός τάς διατάξεις τοῦ Κώδικος Πολιτικῆς Δικονομίας. Ἡ κατακύρωσις θά γίνῃ ὑπέρ τοῦ τελευταίου πλειοδότου μετά τρίτην ἐκφώνησιν τῆς προσφορᾶς του.

Ὁ Συμβολαιογράφος Δ. ΧΡΥΣΟΣΤΟΜΟΥ
Δ Ε Η
ΜΙΣΘΩΣΙΣ ΑΚΙΝΗΤΟΥ ΕΙΣ ΘΕΣΣΑΛΟΝΙΚΗΝ

Ἡ Δημοσία Ἐπιχείρησις Ἠλεκτρισμοῦ ἐπιθυμεῖ νά μισθώσῃ ἀκίνητον εἰς τήν Θεσσαλονίκην πρός στέγασιν ὑπηρεσιῶν της, ἐμβαδοῦ 800—1.000 τ.μ. Αἱ προσφοραί θά ὑποβάλλωνται μέχρι τῆς 31ης Δεκεμβρίου.

ΔΗΜΟΣΙΑ ΕΠΙΧΕΙΡΗΣΙΣ ΗΛΕΚΤΡΙΣΜΟΥ
ΔΙΕΥΘΥΝΣΙΣ ΠΕΡΙΦΕΡΕΙΑΣ ΜΑΚΕΔΟΝΙΑΣ — ΘΡΑΚΗΣ
Ὁδός Κωνσταντίνου 15 — 3ος ὄροφος
Ἐκ τῆς Δημοσίας Ἐπιχειρήσεως Ἠλεκτρισμοῦ
ΝΕΟ
Audi 60
10 ΙΠΠΩΝ
Γερό, πολυτελές, οἰκονομικό
Μ. Κ. ΦΩΣΤΗΡΟΠΟΥΛΟΣ Α.Ε.
Σ' ΟΛΗ ΤΗΝ ΕΛΛΑΔΑ
